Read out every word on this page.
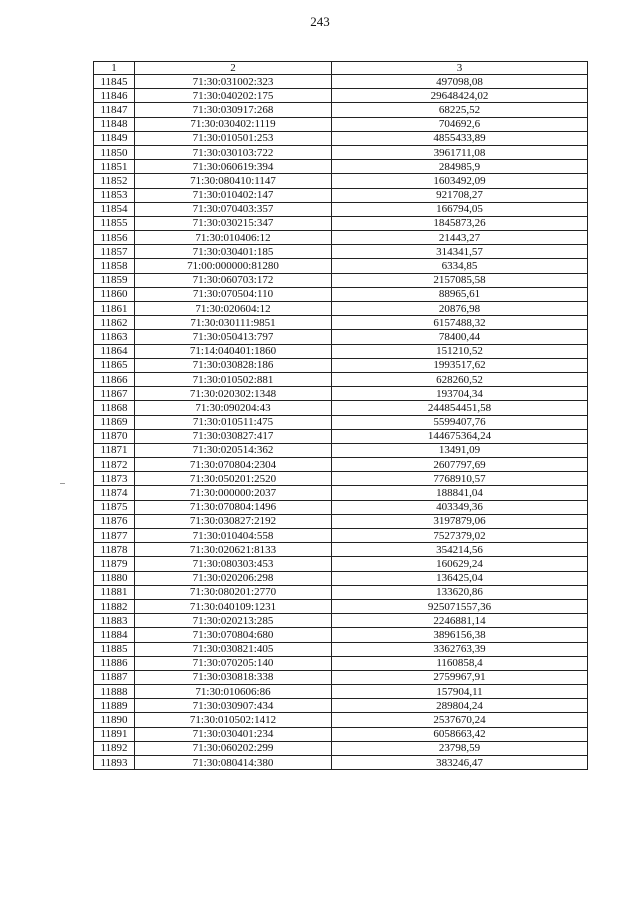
243
1	2	3
11845	71:30:031002:323	497098,08
11846	71:30:040202:175	29648424,02
11847	71:30:030917:268	68225,52
11848	71:30:030402:1119	704692,6
11849	71:30:010501:253	4855433,89
11850	71:30:030103:722	3961711,08
11851	71:30:060619:394	284985,9
11852	71:30:080410:1147	1603492,09
11853	71:30:010402:147	921708,27
11854	71:30:070403:357	166794,05
11855	71:30:030215:347	1845873,26
11856	71:30:010406:12	21443,27
11857	71:30:030401:185	314341,57
11858	71:00:000000:81280	6334,85
11859	71:30:060703:172	2157085,58
11860	71:30:070504:110	88965,61
11861	71:30:020604:12	20876,98
11862	71:30:030111:9851	6157488,32
11863	71:30:050413:797	78400,44
11864	71:14:040401:1860	151210,52
11865	71:30:030828:186	1993517,62
11866	71:30:010502:881	628260,52
11867	71:30:020302:1348	193704,34
11868	71:30:090204:43	244854451,58
11869	71:30:010511:475	5599407,76
11870	71:30:030827:417	144675364,24
11871	71:30:020514:362	13491,09
11872	71:30:070804:2304	2607797,69
11873	71:30:050201:2520	7768910,57
11874	71:30:000000:2037	188841,04
11875	71:30:070804:1496	403349,36
11876	71:30:030827:2192	3197879,06
11877	71:30:010404:558	7527379,02
11878	71:30:020621:8133	354214,56
11879	71:30:080303:453	160629,24
11880	71:30:020206:298	136425,04
11881	71:30:080201:2770	133620,86
11882	71:30:040109:1231	925071557,36
11883	71:30:020213:285	2246881,14
11884	71:30:070804:680	3896156,38
11885	71:30:030821:405	3362763,39
11886	71:30:070205:140	1160858,4
11887	71:30:030818:338	2759967,91
11888	71:30:010606:86	157904,11
11889	71:30:030907:434	289804,24
11890	71:30:010502:1412	2537670,24
11891	71:30:030401:234	6058663,42
11892	71:30:060202:299	23798,59
11893	71:30:080414:380	383246,47
